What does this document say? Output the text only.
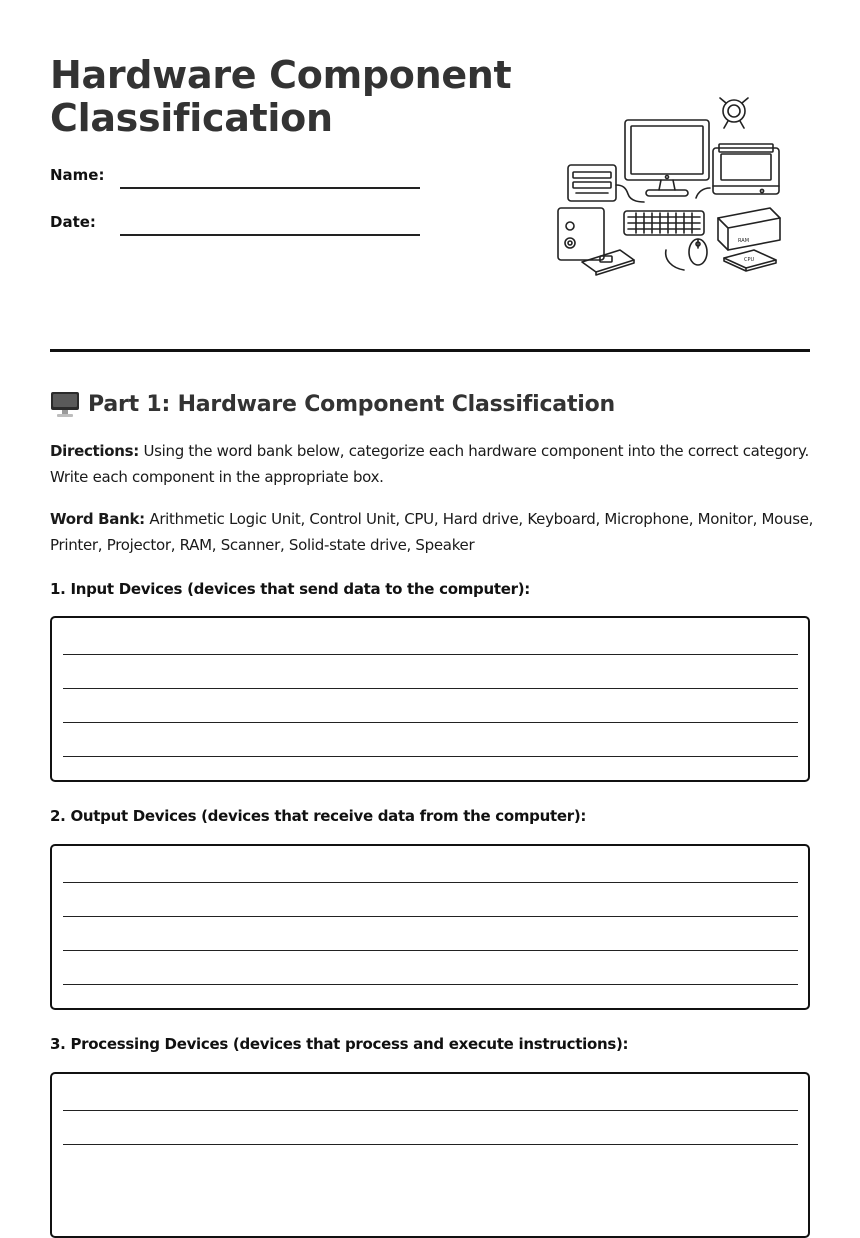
Hardware Component Classification
Name:
Date:
RAM
CPU
Part 1: Hardware Component Classification

Directions: Using the word bank below, categorize each hardware component into the correct category. Write each component in the appropriate box.

Word Bank: Arithmetic Logic Unit, Control Unit, CPU, Hard drive, Keyboard, Microphone, Monitor, Mouse, Printer, Projector, RAM, Scanner, Solid-state drive, Speaker

1. Input Devices (devices that send data to the computer):

2. Output Devices (devices that receive data from the computer):

3. Processing Devices (devices that process and execute instructions):
